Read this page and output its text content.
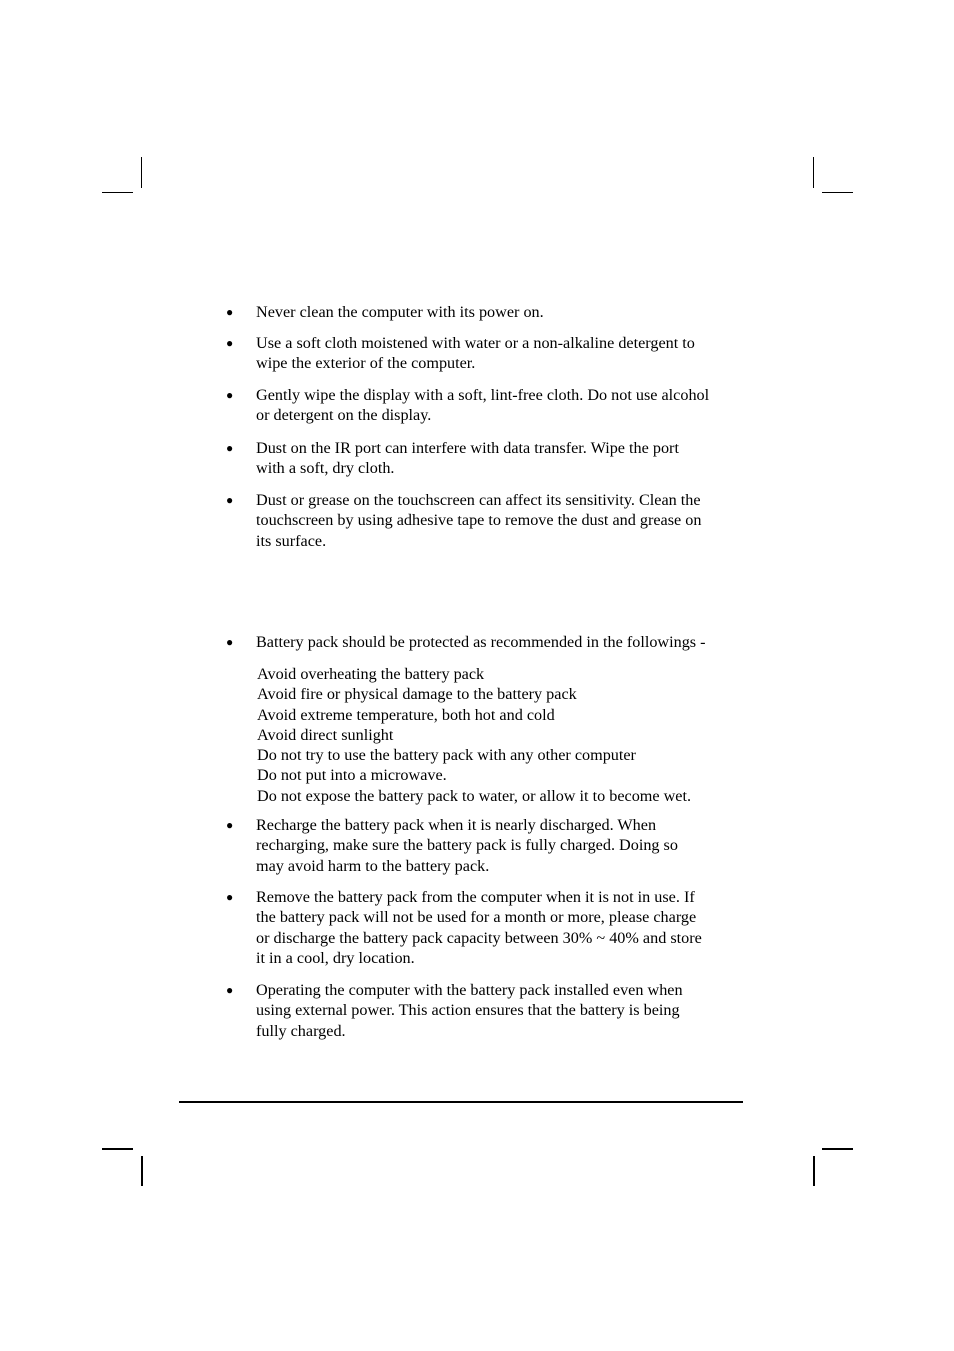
● Never clean the computer with its power on.
● Use a soft cloth moistened with water or a non-alkaline detergent to
wipe the exterior of the computer.
● Gently wipe the display with a soft, lint-free cloth. Do not use alcohol
or detergent on the display.
● Dust on the IR port can interfere with data transfer. Wipe the port
with a soft, dry cloth.
● Dust or grease on the touchscreen can affect its sensitivity. Clean the
touchscreen by using adhesive tape to remove the dust and grease on
its surface.
● Battery pack should be protected as recommended in the followings -
Avoid overheating the battery pack
Avoid fire or physical damage to the battery pack
Avoid extreme temperature, both hot and cold
Avoid direct sunlight
Do not try to use the battery pack with any other computer
Do not put into a microwave.
Do not expose the battery pack to water, or allow it to become wet.
● Recharge the battery pack when it is nearly discharged. When
recharging, make sure the battery pack is fully charged. Doing so
may avoid harm to the battery pack.
● Remove the battery pack from the computer when it is not in use. If
the battery pack will not be used for a month or more, please charge
or discharge the battery pack capacity between 30% ~ 40% and store
it in a cool, dry location.
● Operating the computer with the battery pack installed even when
using external power. This action ensures that the battery is being
fully charged.
